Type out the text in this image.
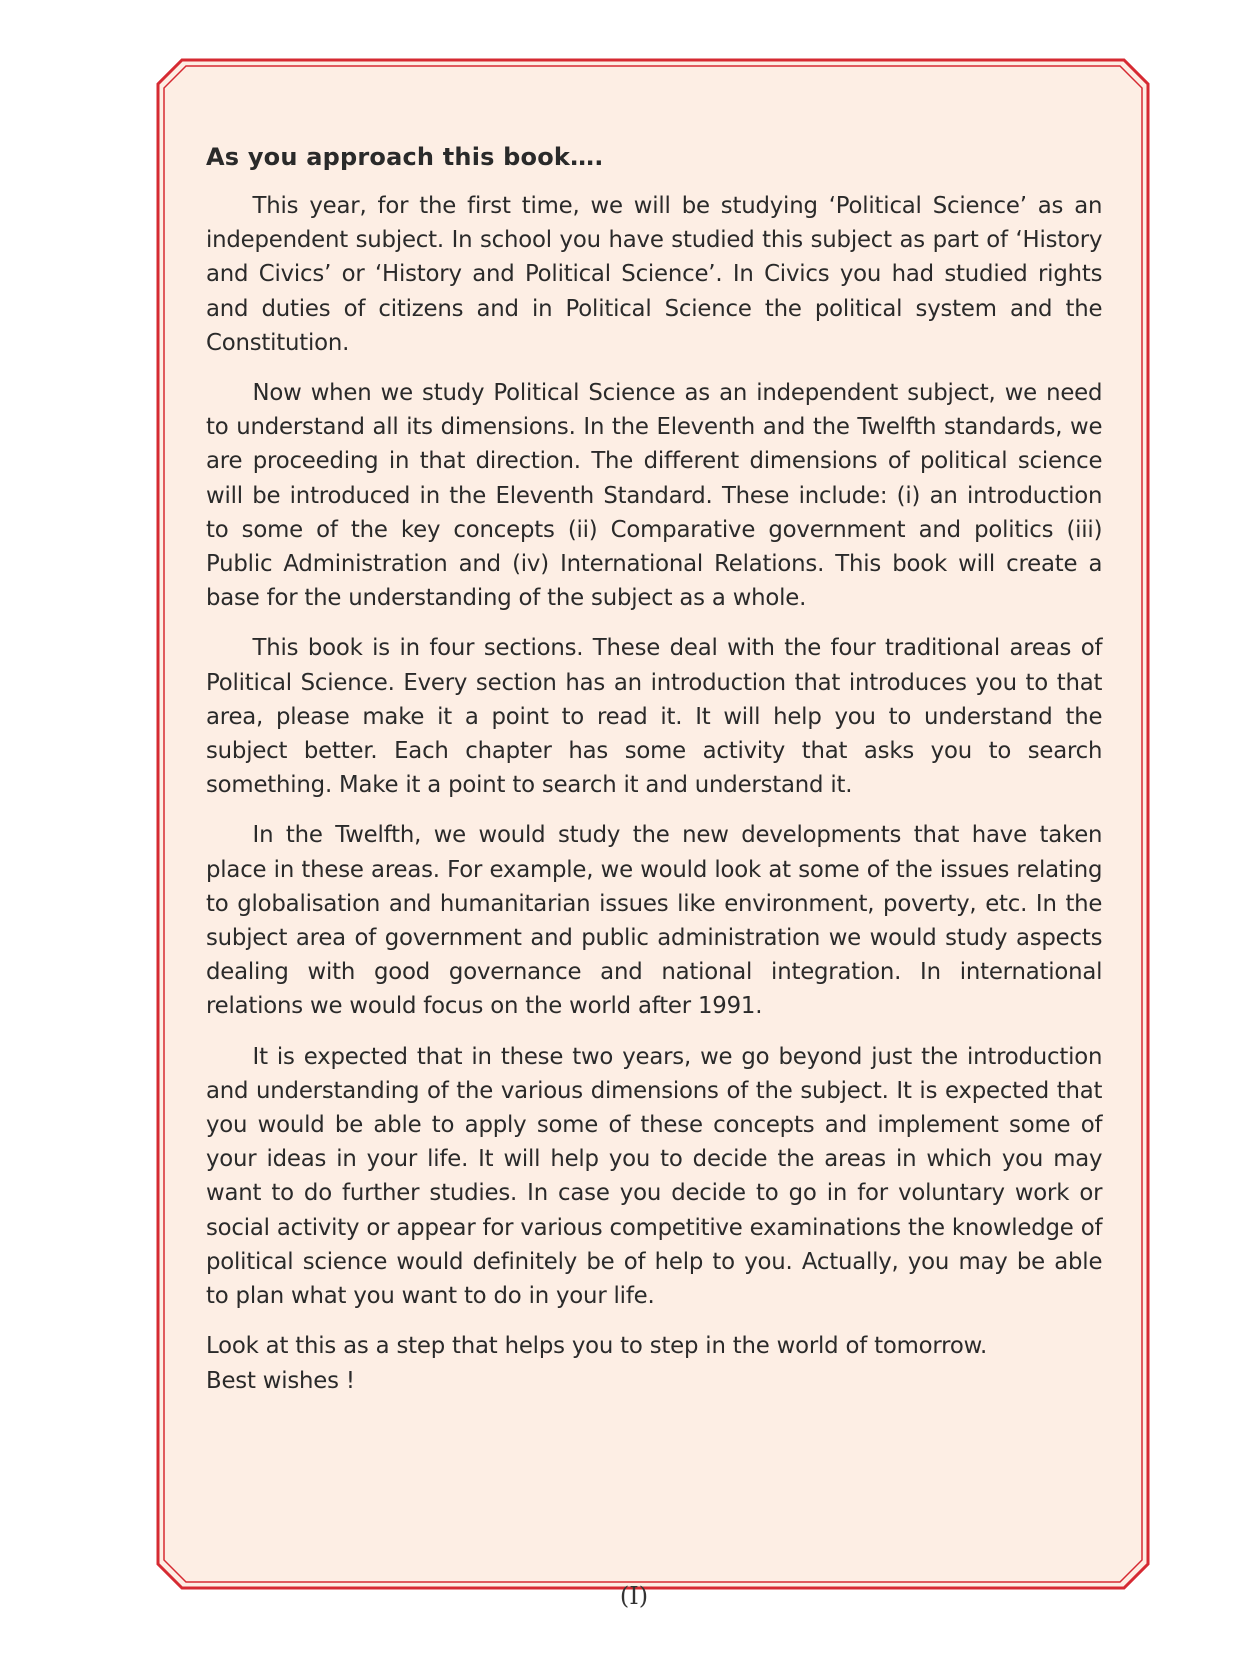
As you approach this book….

This year, for the first time, we will be studying ‘Political Science’ as an independent subject. In school you have studied this subject as part of ‘History and Civics’ or ‘History and Political Science’. In Civics you had studied rights and duties of citizens and in Political Science the political system and the Constitution.

Now when we study Political Science as an independent subject, we need to understand all its dimensions. In the Eleventh and the Twelfth standards, we are proceeding in that direction. The different dimensions of political science will be introduced in the Eleventh Standard. These include: (i) an introduction to some of the key concepts (ii) Comparative government and politics (iii) Public Administration and (iv) International Relations. This book will create a base for the understanding of the subject as a whole.

This book is in four sections. These deal with the four traditional areas of Political Science. Every section has an introduction that introduces you to that area, please make it a point to read it. It will help you to understand the subject better. Each chapter has some activity that asks you to search something. Make it a point to search it and understand it.

In the Twelfth, we would study the new developments that have taken place in these areas. For example, we would look at some of the issues relating to globalisation and humanitarian issues like environment, poverty, etc. In the subject area of government and public administration we would study aspects dealing with good governance and national integration. In international relations we would focus on the world after 1991.

It is expected that in these two years, we go beyond just the introduction and understanding of the various dimensions of the subject. It is expected that you would be able to apply some of these concepts and implement some of your ideas in your life. It will help you to decide the areas in which you may want to do further studies. In case you decide to go in for voluntary work or social activity or appear for various competitive examinations the knowledge of political science would definitely be of help to you. Actually, you may be able to plan what you want to do in your life.

Look at this as a step that helps you to step in the world of tomorrow.
Best wishes !

(I)
